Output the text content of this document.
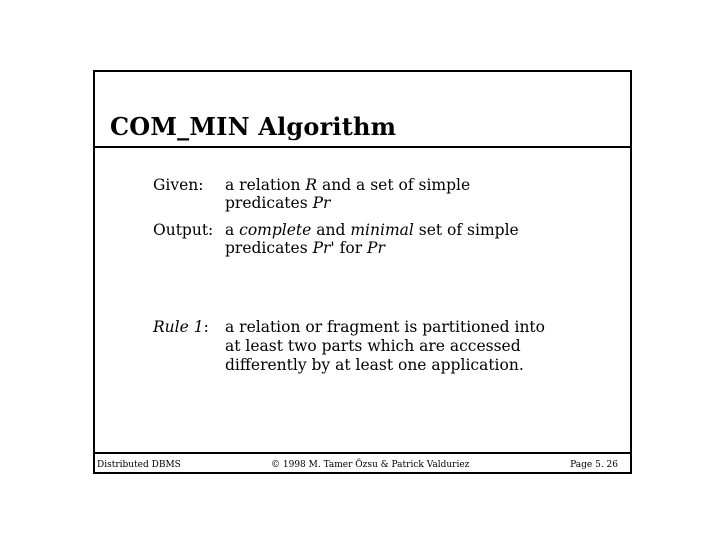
COM_MIN Algorithm
Given: a relation R and a set of simple
predicates Pr
Output: a complete and minimal set of simple
predicates Pr' for Pr
Rule 1: a relation or fragment is partitioned into
at least two parts which are accessed
differently by at least one application.
Distributed DBMS	© 1998 M. Tamer Özsu & Patrick Valduriez	Page 5. 26
